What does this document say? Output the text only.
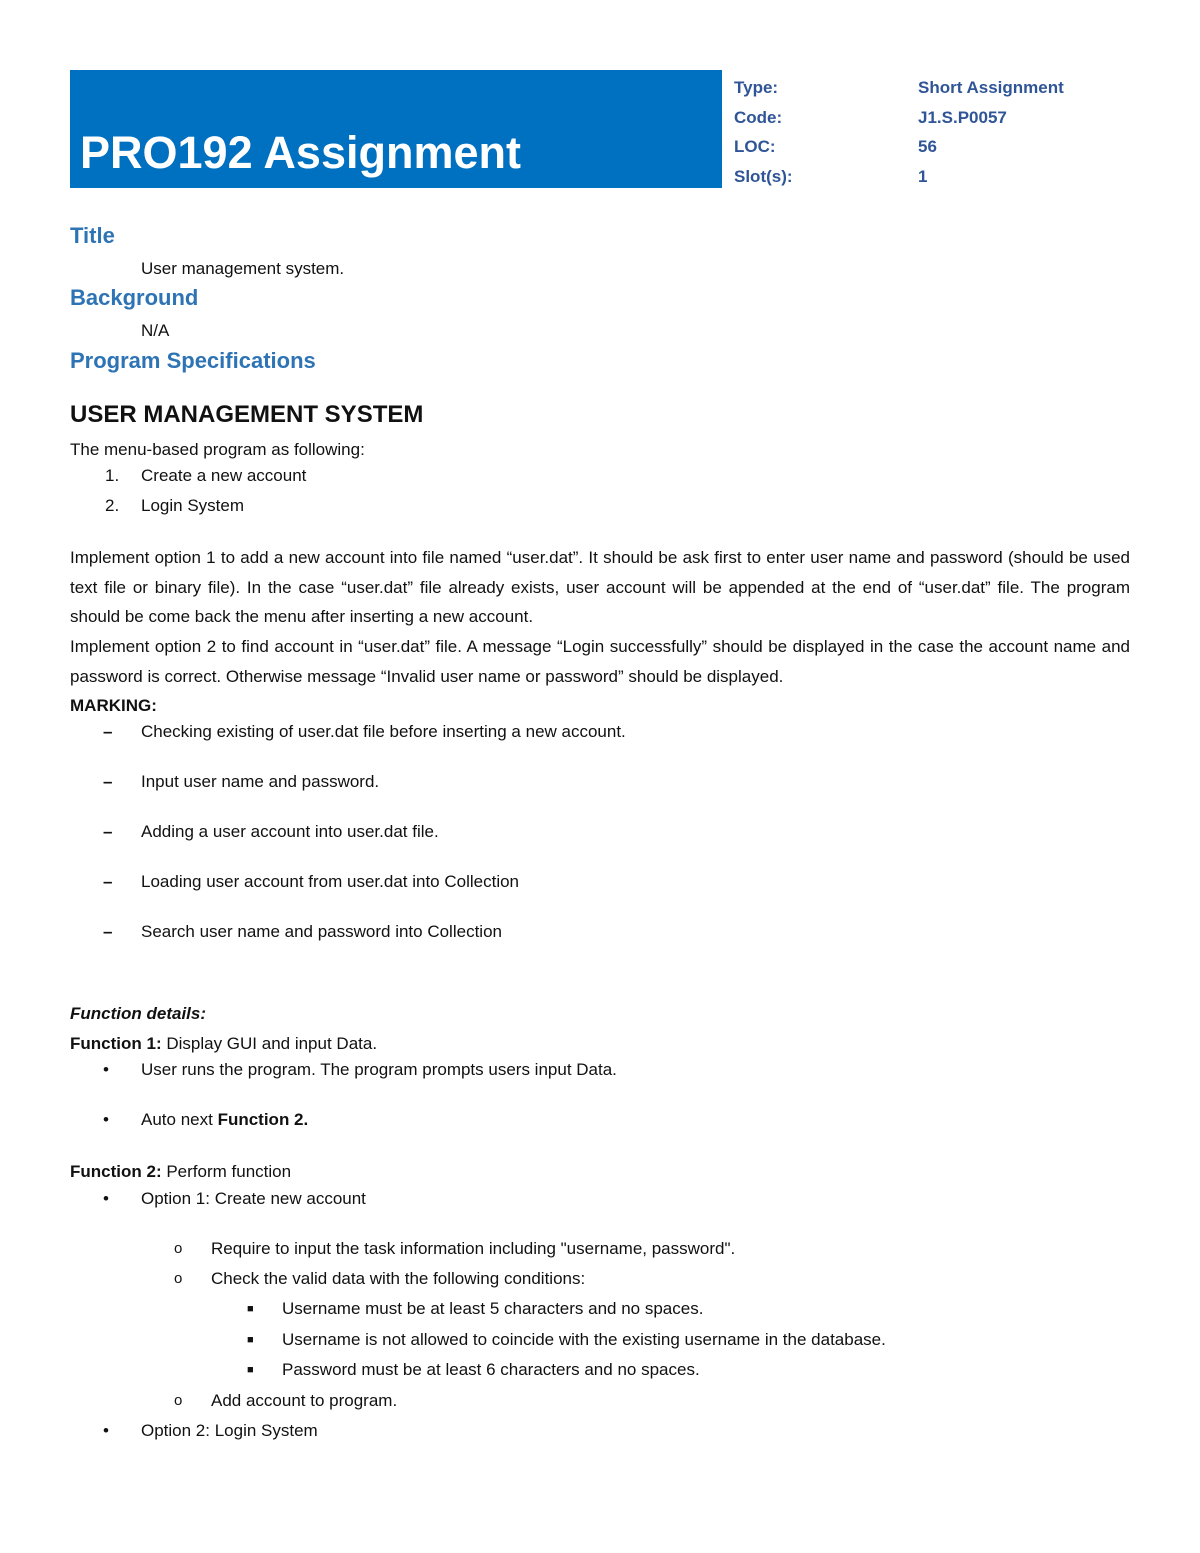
PRO192 Assignment
Type:	Short Assignment
Code:	J1.S.P0057
LOC:	56
Slot(s):	1
Title
User management system.
Background
N/A
Program Specifications
USER MANAGEMENT SYSTEM
The menu-based program as following:
1. Create a new account
2. Login System
Implement option 1 to add a new account into file named “user.dat”. It should be ask first to enter user name and password (should be used text file or binary file). In the case “user.dat” file already exists, user account will be appended at the end of “user.dat” file. The program should be come back the menu after inserting a new account.
Implement option 2 to find account in “user.dat” file. A message “Login successfully” should be displayed in the case the account name and password is correct. Otherwise message “Invalid user name or password” should be displayed.
MARKING:
– Checking existing of user.dat file before inserting a new account.
– Input user name and password.
– Adding a user account into user.dat file.
– Loading user account from user.dat into Collection
– Search user name and password into Collection
Function details:
Function 1: Display GUI and input Data.
• User runs the program. The program prompts users input Data.
• Auto next Function 2.
Function 2: Perform function
• Option 1: Create new account
o Require to input the task information including "username, password".
o Check the valid data with the following conditions:
■ Username must be at least 5 characters and no spaces.
■ Username is not allowed to coincide with the existing username in the database.
■ Password must be at least 6 characters and no spaces.
o Add account to program.
• Option 2: Login System
